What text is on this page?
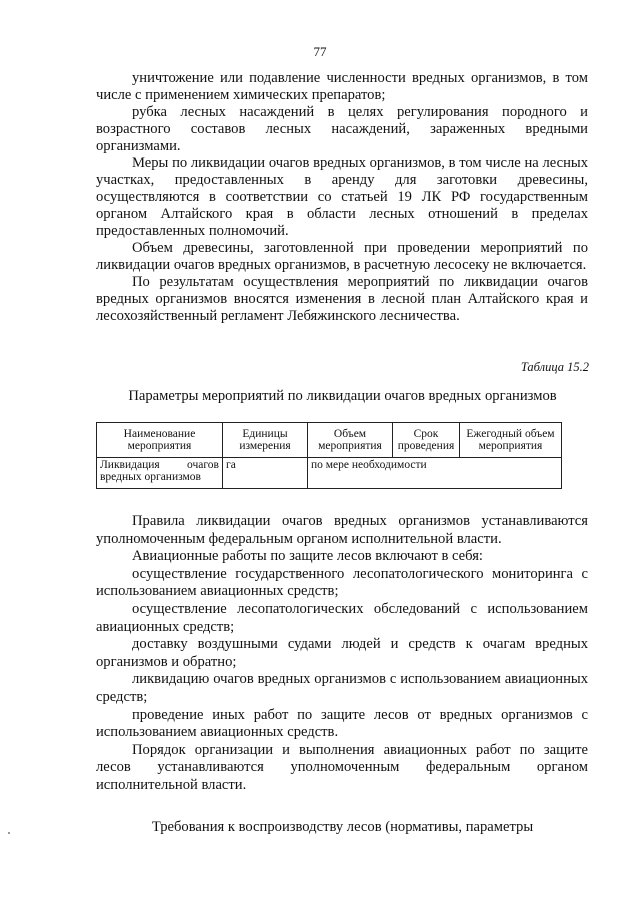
77

уничтожение или подавление численности вредных организмов, в том числе с применением химических препаратов;

рубка лесных насаждений в целях регулирования породного и возрастного составов лесных насаждений, зараженных вредными организмами.

Меры по ликвидации очагов вредных организмов, в том числе на лесных участках, предоставленных в аренду для заготовки древесины, осуществляются в соответствии со статьей 19 ЛК РФ государственным органом Алтайского края в области лесных отношений в пределах предоставленных полномочий.

Объем древесины, заготовленной при проведении мероприятий по ликвидации очагов вредных организмов, в расчетную лесосеку не включается.

По результатам осуществления мероприятий по ликвидации очагов вредных организмов вносятся изменения в лесной план Алтайского края и лесохозяйственный регламент Лебяжинского лесничества.

Таблица 15.2
Параметры мероприятий по ликвидации очагов вредных организмов
Наименование мероприятия	Единицы измерения	Объем мероприятия	Срок проведения	Ежегодный объем мероприятия
Ликвидация очагов вредных организмов	га	по мере необходимости		

Правила ликвидации очагов вредных организмов устанавливаются уполномоченным федеральным органом исполнительной власти.

Авиационные работы по защите лесов включают в себя:

осуществление государственного лесопатологического мониторинга с использованием авиационных средств;

осуществление лесопатологических обследований с использованием авиационных средств;

доставку воздушными судами людей и средств к очагам вредных организмов и обратно;

ликвидацию очагов вредных организмов с использованием авиационных средств;

проведение иных работ по защите лесов от вредных организмов с использованием авиационных средств.

Порядок организации и выполнения авиационных работ по защите лесов устанавливаются уполномоченным федеральным органом исполнительной власти.

Требования к воспроизводству лесов (нормативы, параметры
